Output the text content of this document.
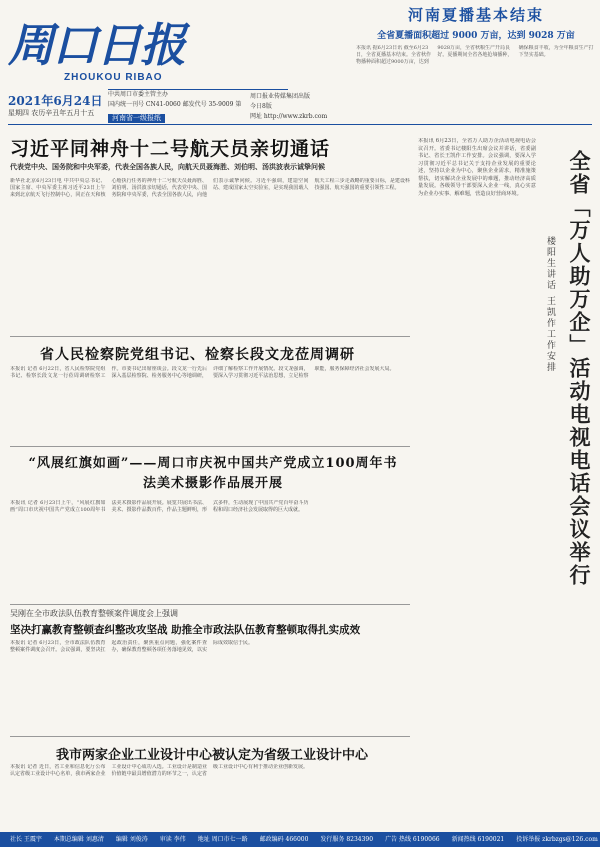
周口日报
ZHOUKOU RIBAO
2021年6月24日
星期四 农历辛丑年五月十五
中共周口市委主管主办
国内统一刊号 CN41-0060 邮发代号 35-9009 第
周口报业传媒集团出版
今日8版
网址 http://www.zkrb.com
河南省一级报纸
河南夏播基本结束
全省夏播面积超过 9000 万亩，达到 9028 万亩
本报讯 据6月23日讯 截至6月23日，全省夏播基本结束。全省秋作物播种面积超过9000万亩，达到9028万亩，全省秋粮生产开局良好。夏播期间全省各地抢墒播种，确保粮食丰收，为全年粮食生产打下坚实基础。
习近平同神舟十二号航天员亲切通话
代表党中央、国务院和中央军委，代表全国各族人民，向航天员聂海胜、刘伯明、汤洪波表示诚挚问候
新华社北京6月23日电 中共中央总书记、国家主席、中央军委主席习近平23日上午来到北京航天飞行控制中心，同正在天和核心舱执行任务的神舟十二号航天员聂海胜、刘伯明、汤洪波亲切通话，代表党中央、国务院和中央军委，代表全国各族人民，向他们表示诚挚问候。习近平强调，建造空间站、建成国家太空实验室，是实现我国载人航天工程三步走战略的重要目标，是建设科技强国、航天强国的重要引领性工程。
省人民检察院党组书记、检察长段文龙莅周调研
本报讯 记者 6月22日，省人民检察院党组书记、检察长段文龙一行莅周调研检察工作。市委书记出席座谈会。段文龙一行先后深入基层检察院、检务服务中心等地调研，详细了解检察工作开展情况。段文龙强调，要深入学习贯彻习近平法治思想，立足检察职能，服务保障经济社会发展大局。
“风展红旗如画”——周口市庆祝中国共产党成立100周年书法美术摄影作品展开展
本报讯 记者 6月23日上午，“风展红旗如画”周口市庆祝中国共产党成立100周年书法美术摄影作品展开展。展览共展出书法、美术、摄影作品数百件，作品主题鲜明，形式多样，生动展现了中国共产党百年奋斗历程和周口经济社会发展取得的巨大成就。
吴刚在全市政法队伍教育整顿案件调度会上强调
坚决打赢教育整顿查纠整改攻坚战 助推全市政法队伍教育整顿取得扎实成效
本报讯 记者 6月23日，全市政法队伍教育整顿案件调度会召开。会议强调，要坚决扛起政治责任，聚焦重点问题，强化案件查办，确保教育整顿各项任务落地见效，以实际成效取信于民。
我市两家企业工业设计中心被认定为省级工业设计中心
本报讯 记者 近日，省工业和信息化厅公布认定省级工业设计中心名单，我市两家企业工业设计中心成功入选。工业设计是制造业价值链中最具增值潜力的环节之一，认定省级工业设计中心有利于推动企业创新发展。
全省「万人助万企」活动电视电话会议举行
楼阳生讲话 王凯作工作安排
本报讯 6月23日，全省万人助万企活动电视电话会议召开。省委书记楼阳生出席会议并讲话，省委副书记、省长王凯作工作安排。会议强调，要深入学习贯彻习近平总书记关于支持企业发展的重要论述，坚持以企业为中心，聚焦企业需求，精准施策帮扶，切实解决企业发展中的难题，推动经济高质量发展。各级领导干部要深入企业一线，真心实意为企业办实事、解难题，营造良好营商环境。
社长 王震宇 本期总编辑 刘惠清 编辑 刘俊涛 审读 李伟 地址 周口市七一路 邮政编码 466000 发行服务 8234390 广告 热线 6190066 新闻热线 6190021 投诉举报 zkrbzgs@126.com
